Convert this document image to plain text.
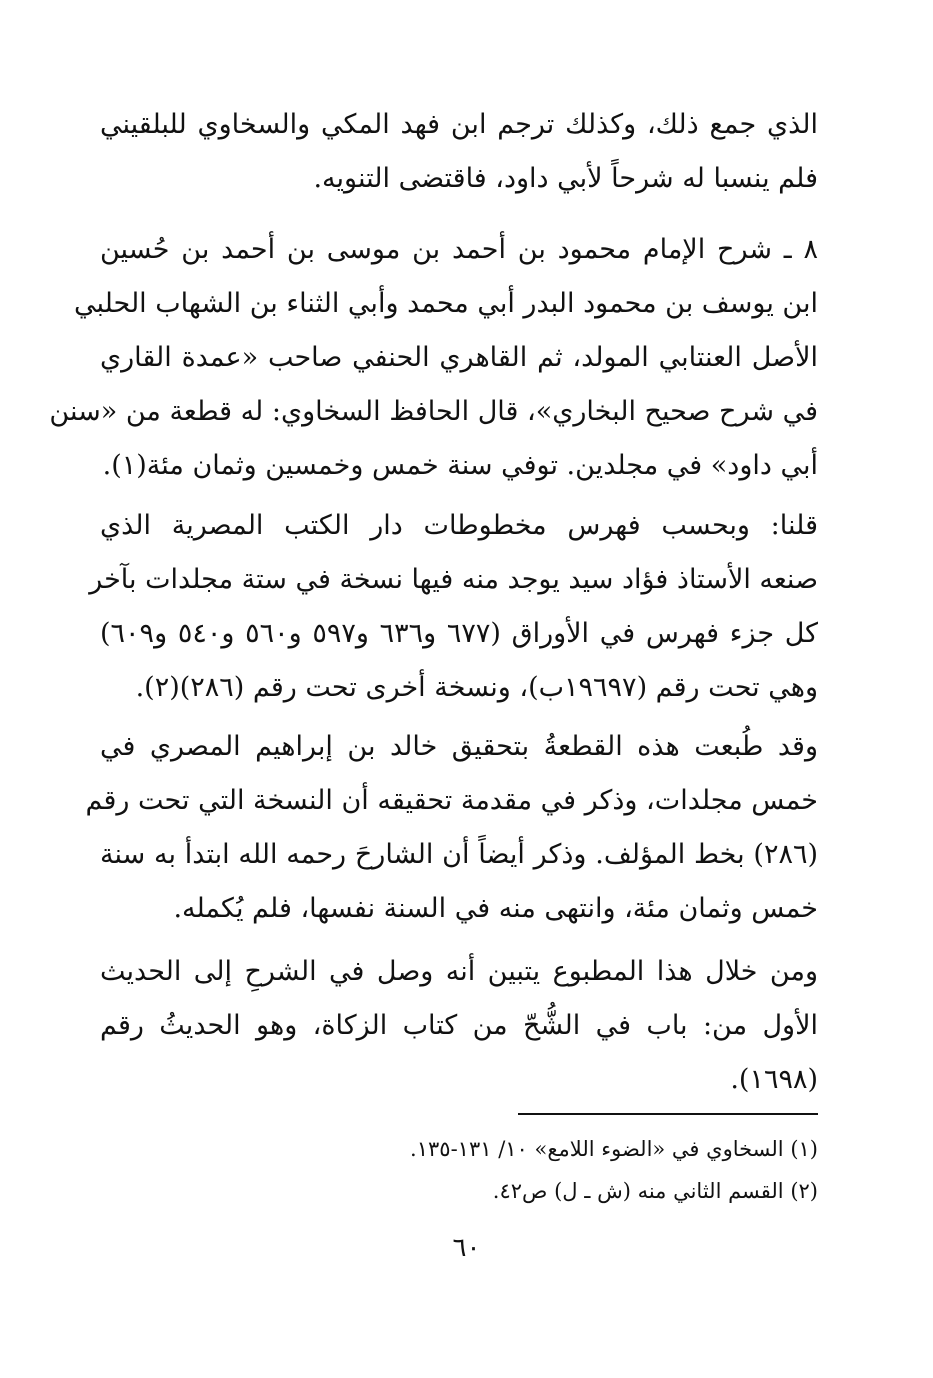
الذي جمع ذلك، وكذلك ترجم ابن فهد المكي والسخاوي للبلقيني
فلم ينسبا له شرحاً لأبي داود، فاقتضى التنويه.
٨ ـ شرح الإمام محمود بن أحمد بن موسى بن أحمد بن حُسين
ابن يوسف بن محمود البدر أبي محمد وأبي الثناء بن الشهاب الحلبي
الأصل العنتابي المولد، ثم القاهري الحنفي صاحب «عمدة القاري
في شرح صحيح البخاري»، قال الحافظ السخاوي: له قطعة من «سنن
أبي داود» في مجلدين. توفي سنة خمس وخمسين وثمان مئة(١).
قلنا: وبحسب فهرس مخطوطات دار الكتب المصرية الذي
صنعه الأستاذ فؤاد سيد يوجد منه فيها نسخة في ستة مجلدات بآخر
كل جزء فهرس في الأوراق (٦٧٧ و٦٣٦ و٥٩٧ و٥٦٠ و٥٤٠ و٦٠٩)
وهي تحت رقم (١٩٦٩٧ب)، ونسخة أخرى تحت رقم (٢٨٦)(٢).
وقد طُبعت هذه القطعةُ بتحقيق خالد بن إبراهيم المصري في
خمس مجلدات، وذكر في مقدمة تحقيقه أن النسخة التي تحت رقم
(٢٨٦) بخط المؤلف. وذكر أيضاً أن الشارحَ رحمه الله ابتدأ به سنة
خمس وثمان مئة، وانتهى منه في السنة نفسها، فلم يُكمله.
ومن خلال هذا المطبوع يتبين أنه وصل في الشرحِ إلى الحديث
الأول من: باب في الشُّحّ من كتاب الزكاة، وهو الحديثُ رقم
(١٦٩٨).
(١) السخاوي في «الضوء اللامع» ١٠/ ١٣١-١٣٥.
(٢) القسم الثاني منه (ش ـ ل) ص٤٢.
٦٠
